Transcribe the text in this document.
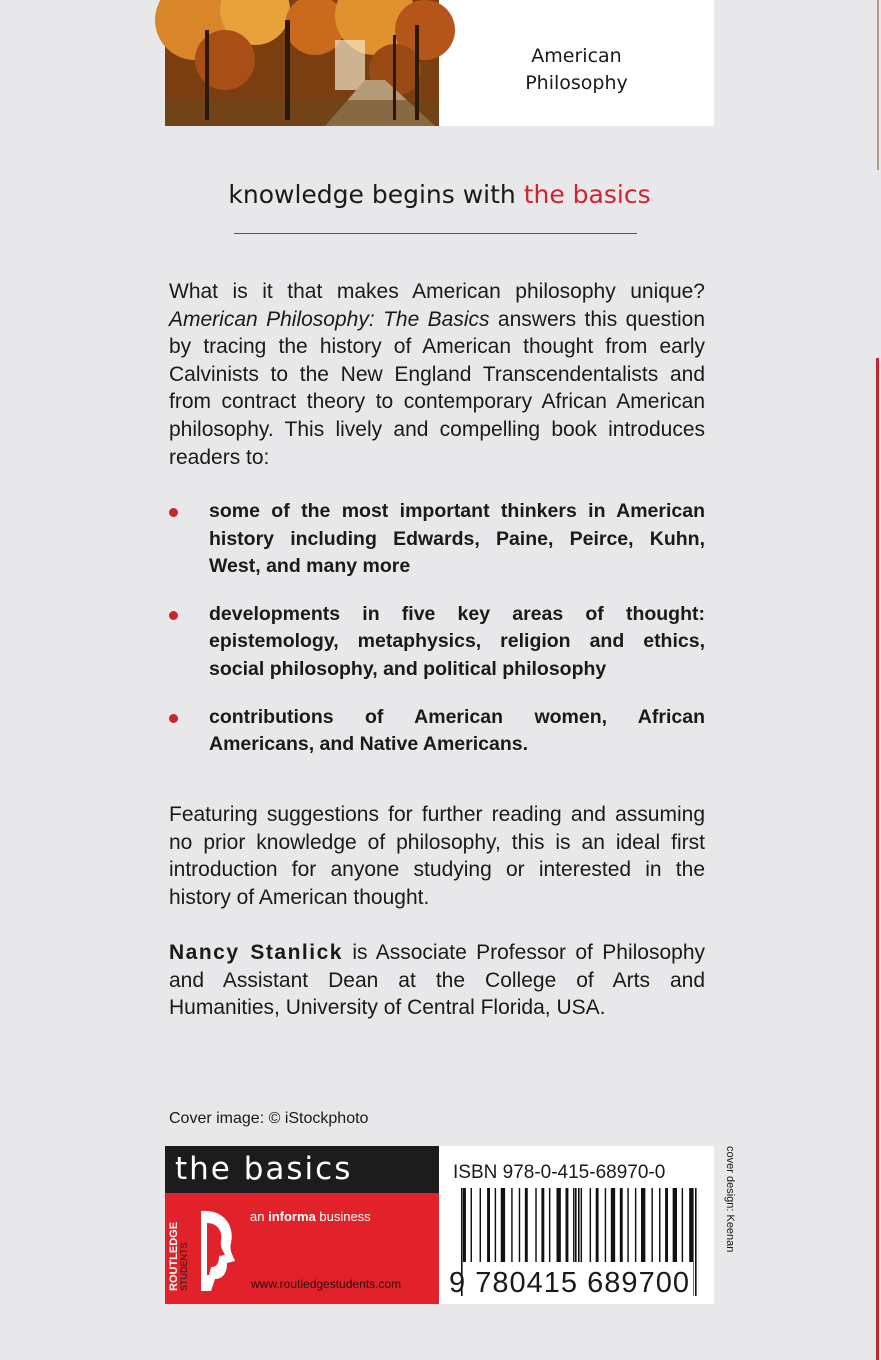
American
Philosophy
knowledge begins with the basics
What is it that makes American philosophy unique? American Philosophy: The Basics answers this question by tracing the history of American thought from early Calvinists to the New England Transcendentalists and from contract theory to contemporary African American philosophy. This lively and compelling book introduces readers to:
some of the most important thinkers in American history including Edwards, Paine, Peirce, Kuhn, West, and many more
developments in five key areas of thought: epistemology, metaphysics, religion and ethics, social philosophy, and political philosophy
contributions of American women, African Americans, and Native Americans.
Featuring suggestions for further reading and assuming no prior knowledge of philosophy, this is an ideal first introduction for anyone studying or interested in the history of American thought.
Nancy Stanlick is Associate Professor of Philosophy and Assistant Dean at the College of Arts and Humanities, University of Central Florida, USA.
Cover image: © iStockphoto
the basics
ROUTLEDGE STUDENTS
an informa business
www.routledgestudents.com
ISBN 978-0-415-68970-0
9 780415 689700
cover design: Keenan
